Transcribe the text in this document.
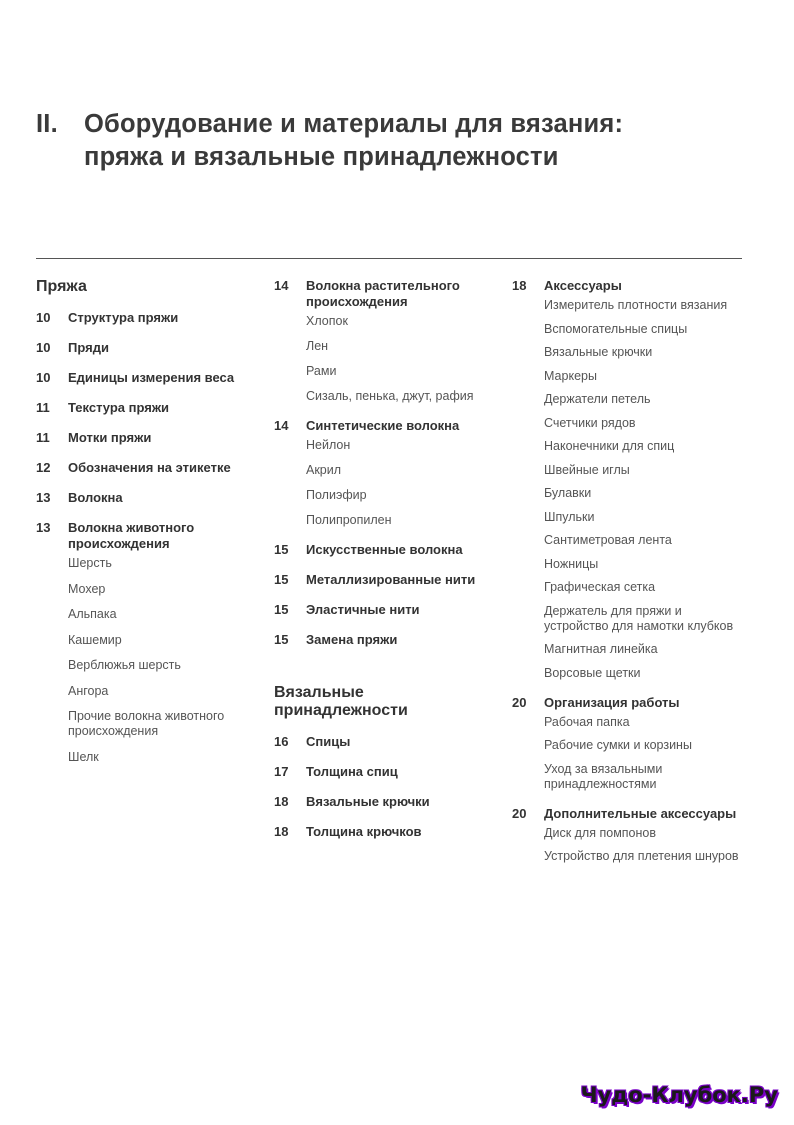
II. Оборудование и материалы для вязания:
пряжа и вязальные принадлежности
Пряжа
10	Структура пряжи
10	Пряди
10	Единицы измерения веса
11	Текстура пряжи
11	Мотки пряжи
12	Обозначения на этикетке
13	Волокна
13	Волокна животного происхождения
Шерсть
Мохер
Альпака
Кашемир
Верблюжья шерсть
Ангора
Прочие волокна животного происхождения
Шелк
14	Волокна растительного происхождения
Хлопок
Лен
Рами
Сизаль, пенька, джут, рафия
14	Синтетические волокна
Нейлон
Акрил
Полиэфир
Полипропилен
15	Искусственные волокна
15	Металлизированные нити
15	Эластичные нити
15	Замена пряжи
Вязальные принадлежности
16	Спицы
17	Толщина спиц
18	Вязальные крючки
18	Толщина крючков
18	Аксессуары
Измеритель плотности вязания
Вспомогательные спицы
Вязальные крючки
Маркеры
Держатели петель
Счетчики рядов
Наконечники для спиц
Швейные иглы
Булавки
Шпульки
Сантиметровая лента
Ножницы
Графическая сетка
Держатель для пряжи и устройство для намотки клубков
Магнитная линейка
Ворсовые щетки
20	Организация работы
Рабочая папка
Рабочие сумки и корзины
Уход за вязальными принадлежностями
20	Дополнительные аксессуары
Диск для помпонов
Устройство для плетения шнуров
Чудо-Клубок.Ру
